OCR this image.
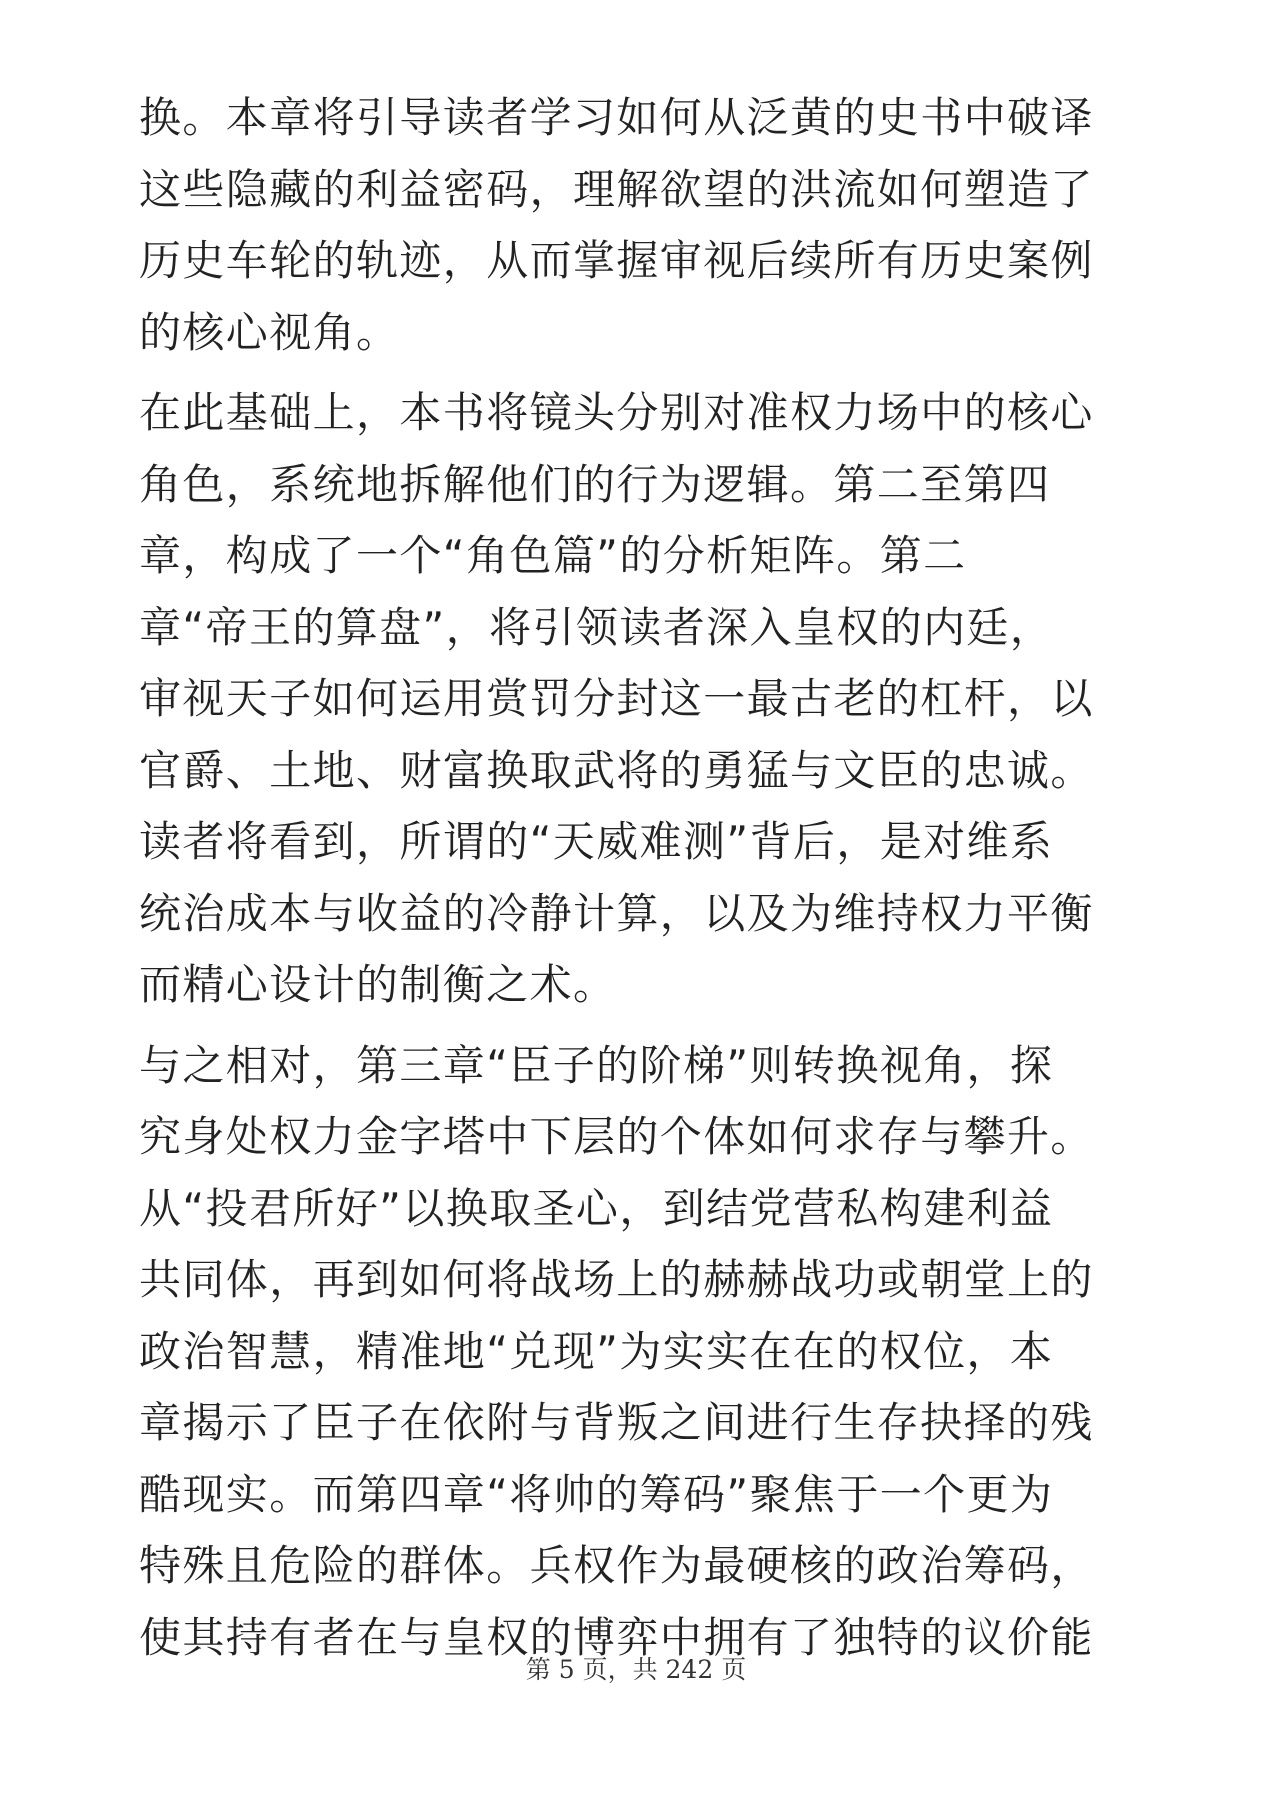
换。本章将引导读者学习如何从泛黄的史书中破译
这些隐藏的利益密码，理解欲望的洪流如何塑造了
历史车轮的轨迹，从而掌握审视后续所有历史案例
的核心视角。
在此基础上，本书将镜头分别对准权力场中的核心
角色，系统地拆解他们的行为逻辑。第二至第四
章，构成了一个“角色篇”的分析矩阵。第二
章“帝王的算盘”，将引领读者深入皇权的内廷，
审视天子如何运用赏罚分封这一最古老的杠杆，以
官爵、土地、财富换取武将的勇猛与文臣的忠诚。
读者将看到，所谓的“天威难测”背后，是对维系
统治成本与收益的冷静计算，以及为维持权力平衡
而精心设计的制衡之术。
与之相对，第三章“臣子的阶梯”则转换视角，探
究身处权力金字塔中下层的个体如何求存与攀升。
从“投君所好”以换取圣心，到结党营私构建利益
共同体，再到如何将战场上的赫赫战功或朝堂上的
政治智慧，精准地“兑现”为实实在在的权位，本
章揭示了臣子在依附与背叛之间进行生存抉择的残
酷现实。而第四章“将帅的筹码”聚焦于一个更为
特殊且危险的群体。兵权作为最硬核的政治筹码，
使其持有者在与皇权的博弈中拥有了独特的议价能
第 5 页，共 242 页
